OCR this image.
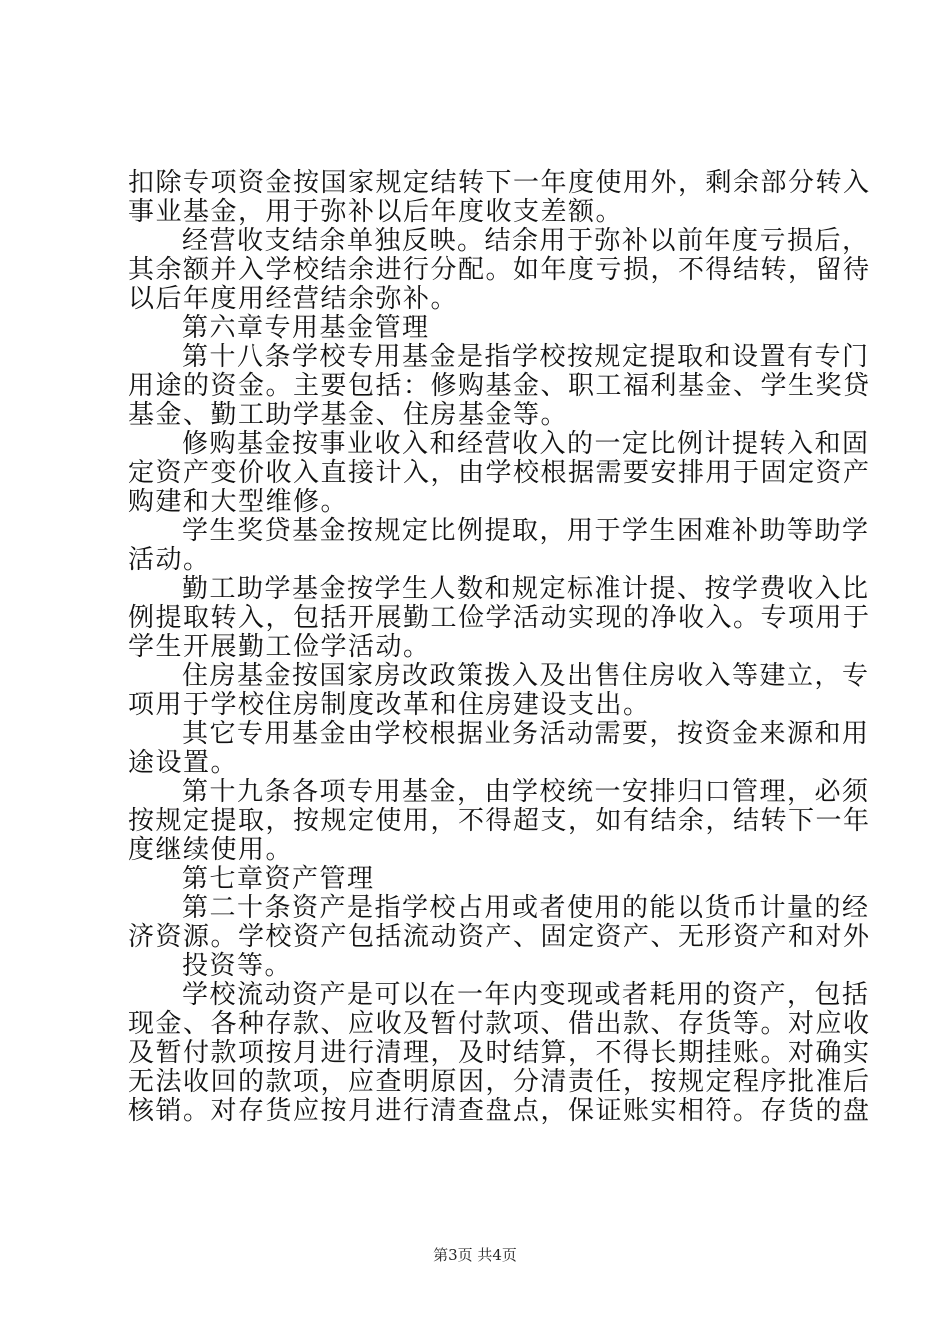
扣除专项资金按国家规定结转下一年度使用外，剩余部分转入
事业基金，用于弥补以后年度收支差额。
经营收支结余单独反映。结余用于弥补以前年度亏损后，
其余额并入学校结余进行分配。如年度亏损，不得结转，留待
以后年度用经营结余弥补。
第六章专用基金管理
第十八条学校专用基金是指学校按规定提取和设置有专门
用途的资金。主要包括：修购基金、职工福利基金、学生奖贷
基金、勤工助学基金、住房基金等。
修购基金按事业收入和经营收入的一定比例计提转入和固
定资产变价收入直接计入，由学校根据需要安排用于固定资产
购建和大型维修。
学生奖贷基金按规定比例提取，用于学生困难补助等助学
活动。
勤工助学基金按学生人数和规定标准计提、按学费收入比
例提取转入，包括开展勤工俭学活动实现的净收入。专项用于
学生开展勤工俭学活动。
住房基金按国家房改政策拨入及出售住房收入等建立，专
项用于学校住房制度改革和住房建设支出。
其它专用基金由学校根据业务活动需要，按资金来源和用
途设置。
第十九条各项专用基金，由学校统一安排归口管理，必须
按规定提取，按规定使用，不得超支，如有结余，结转下一年
度继续使用。
第七章资产管理
第二十条资产是指学校占用或者使用的能以货币计量的经
济资源。学校资产包括流动资产、固定资产、无形资产和对外
投资等。
学校流动资产是可以在一年内变现或者耗用的资产，包括
现金、各种存款、应收及暂付款项、借出款、存货等。对应收
及暂付款项按月进行清理，及时结算，不得长期挂账。对确实
无法收回的款项，应查明原因，分清责任，按规定程序批准后
核销。对存货应按月进行清查盘点，保证账实相符。存货的盘
第3页 共4页
